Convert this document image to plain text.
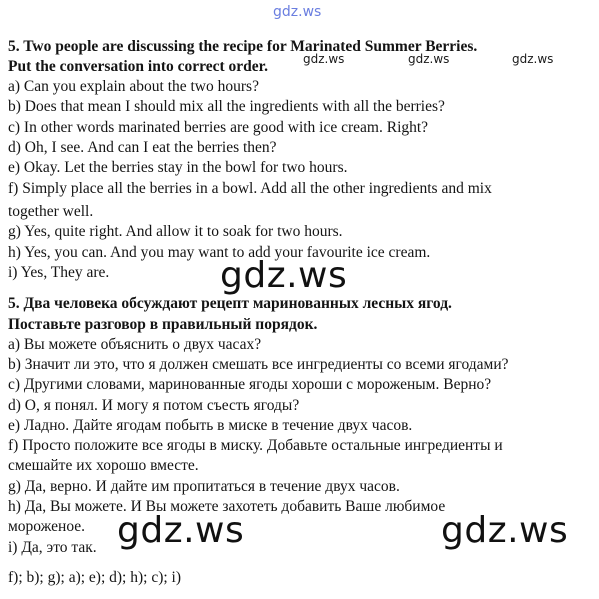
gdz.ws
5. Two people are discussing the recipe for Marinated Summer Berries.
Put the conversation into correct order.	gdz.ws	gdz.ws	gdz.ws
a) Can you explain about the two hours?
b) Does that mean I should mix all the ingredients with all the berries?
c) In other words marinated berries are good with ice cream. Right?
d) Oh, I see. And can I eat the berries then?
e) Okay. Let the berries stay in the bowl for two hours.
f) Simply place all the berries in a bowl. Add all the other ingredients and mix
together well.
g) Yes, quite right. And allow it to soak for two hours.
h) Yes, you can. And you may want to add your favourite ice cream.
i) Yes, They are.	gdz.ws
5. Два человека обсуждают рецепт маринованных лесных ягод.
Поставьте разговор в правильный порядок.
a) Вы можете объяснить о двух часах?
b) Значит ли это, что я должен смешать все ингредиенты со всеми ягодами?
c) Другими словами, маринованные ягоды хороши с мороженым. Верно?
d) О, я понял. И могу я потом съесть ягоды?
e) Ладно. Дайте ягодам побыть в миске в течение двух часов.
f) Просто положите все ягоды в миску. Добавьте остальные ингредиенты и
смешайте их хорошо вместе.
g) Да, верно. И дайте им пропитаться в течение двух часов.
h) Да, Вы можете. И Вы можете захотеть добавить Ваше любимое
мороженое.
i) Да, это так. gdz.ws	gdz.ws
f); b); g); a); e); d); h); c); i)
